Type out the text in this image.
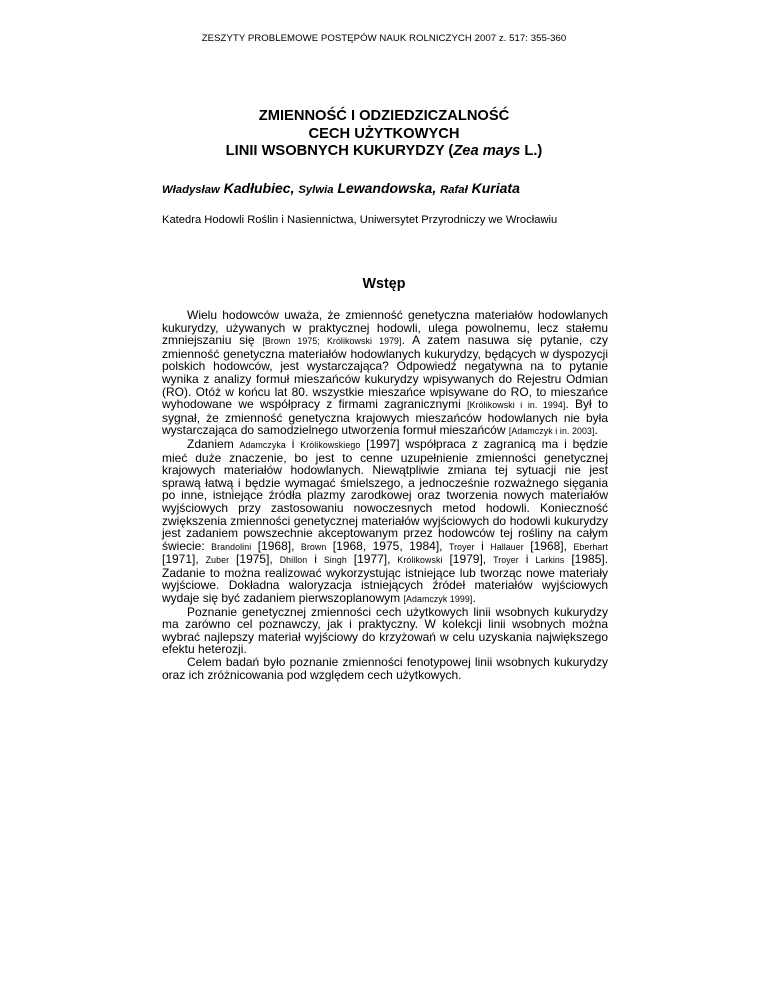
ZESZYTY PROBLEMOWE POSTĘPÓW NAUK ROLNICZYCH 2007 z. 517: 355-360
ZMIENNOŚĆ I ODZIEDZICZALNOŚĆ
CECH UŻYTKOWYCH
LINII WSOBNYCH KUKURYDZY (Zea mays L.)
Władysław Kadłubiec, Sylwia Lewandowska, Rafał Kuriata
Katedra Hodowli Roślin i Nasiennictwa, Uniwersytet Przyrodniczy we Wrocławiu
Wstęp

Wielu hodowców uważa, że zmienność genetyczna materiałów hodowlanych kukurydzy, używanych w praktycznej hodowli, ulega powolnemu, lecz stałemu zmniejszaniu się [Brown 1975; Królikowski 1979]. A zatem nasuwa się pytanie, czy zmienność genetyczna materiałów hodowlanych kukurydzy, będących w dyspozycji polskich hodowców, jest wystarczająca? Odpowiedź negatywna na to pytanie wynika z analizy formuł mieszańców kukurydzy wpisywanych do Rejestru Odmian (RO). Otóż w końcu lat 80. wszystkie mieszańce wpisywane do RO, to mieszańce wyhodowane we współpracy z firmami zagranicznymi [Królikowski i in. 1994]. Był to sygnał, że zmienność genetyczna krajowych mieszańców hodowlanych nie była wystarczająca do samodzielnego utworzenia formuł mieszańców [Adamczyk i in. 2003].

Zdaniem Adamczyka i Królikowskiego [1997] współpraca z zagranicą ma i będzie mieć duże znaczenie, bo jest to cenne uzupełnienie zmienności genetycznej krajowych materiałów hodowlanych. Niewątpliwie zmiana tej sytuacji nie jest sprawą łatwą i będzie wymagać śmielszego, a jednocześnie rozważnego sięgania po inne, istniejące źródła plazmy zarodkowej oraz tworzenia nowych materiałów wyjściowych przy zastosowaniu nowoczesnych metod hodowli. Konieczność zwiększenia zmienności genetycznej materiałów wyjściowych do hodowli kukurydzy jest zadaniem powszechnie akceptowanym przez hodowców tej rośliny na całym świecie: Brandolini [1968], Brown [1968, 1975, 1984], Troyer i Hallauer [1968], Eberhart [1971], Zuber [1975], Dhillon i Singh [1977], Królikowski [1979], Troyer i Larkins [1985]. Zadanie to można realizować wykorzystując istniejące lub tworząc nowe materiały wyjściowe. Dokładna waloryzacja istniejących źródeł materiałów wyjściowych wydaje się być zadaniem pierwszoplanowym [Adamczyk 1999].

Poznanie genetycznej zmienności cech użytkowych linii wsobnych kukurydzy ma zarówno cel poznawczy, jak i praktyczny. W kolekcji linii wsobnych można wybrać najlepszy materiał wyjściowy do krzyżowań w celu uzyskania największego efektu heterozji.

Celem badań było poznanie zmienności fenotypowej linii wsobnych kukurydzy oraz ich zróżnicowania pod względem cech użytkowych.
